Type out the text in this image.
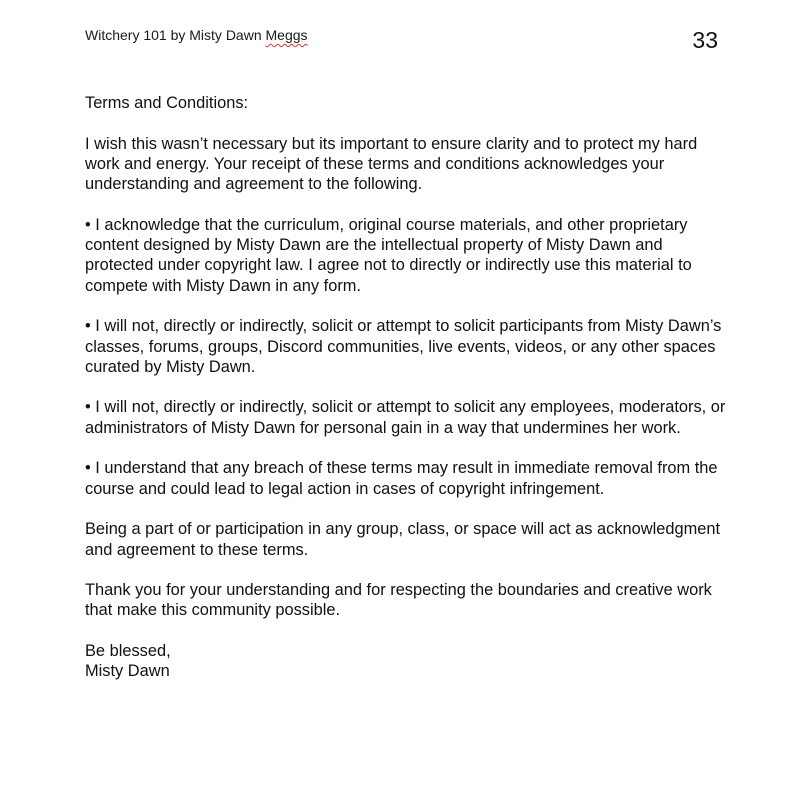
Witchery 101 by Misty Dawn Meggs	33

Terms and Conditions:

I wish this wasn’t necessary but its important to ensure clarity and to protect my hard work and energy. Your receipt of these terms and conditions acknowledges your understanding and agreement to the following.

• I acknowledge that the curriculum, original course materials, and other proprietary content designed by Misty Dawn are the intellectual property of Misty Dawn and protected under copyright law. I agree not to directly or indirectly use this material to compete with Misty Dawn in any form.

• I will not, directly or indirectly, solicit or attempt to solicit participants from Misty Dawn’s classes, forums, groups, Discord communities, live events, videos, or any other spaces curated by Misty Dawn.

• I will not, directly or indirectly, solicit or attempt to solicit any employees, moderators, or administrators of Misty Dawn for personal gain in a way that undermines her work.

• I understand that any breach of these terms may result in immediate removal from the course and could lead to legal action in cases of copyright infringement.

Being a part of or participation in any group, class, or space will act as acknowledgment and agreement to these terms.

Thank you for your understanding and for respecting the boundaries and creative work that make this community possible.

Be blessed,

Misty Dawn
